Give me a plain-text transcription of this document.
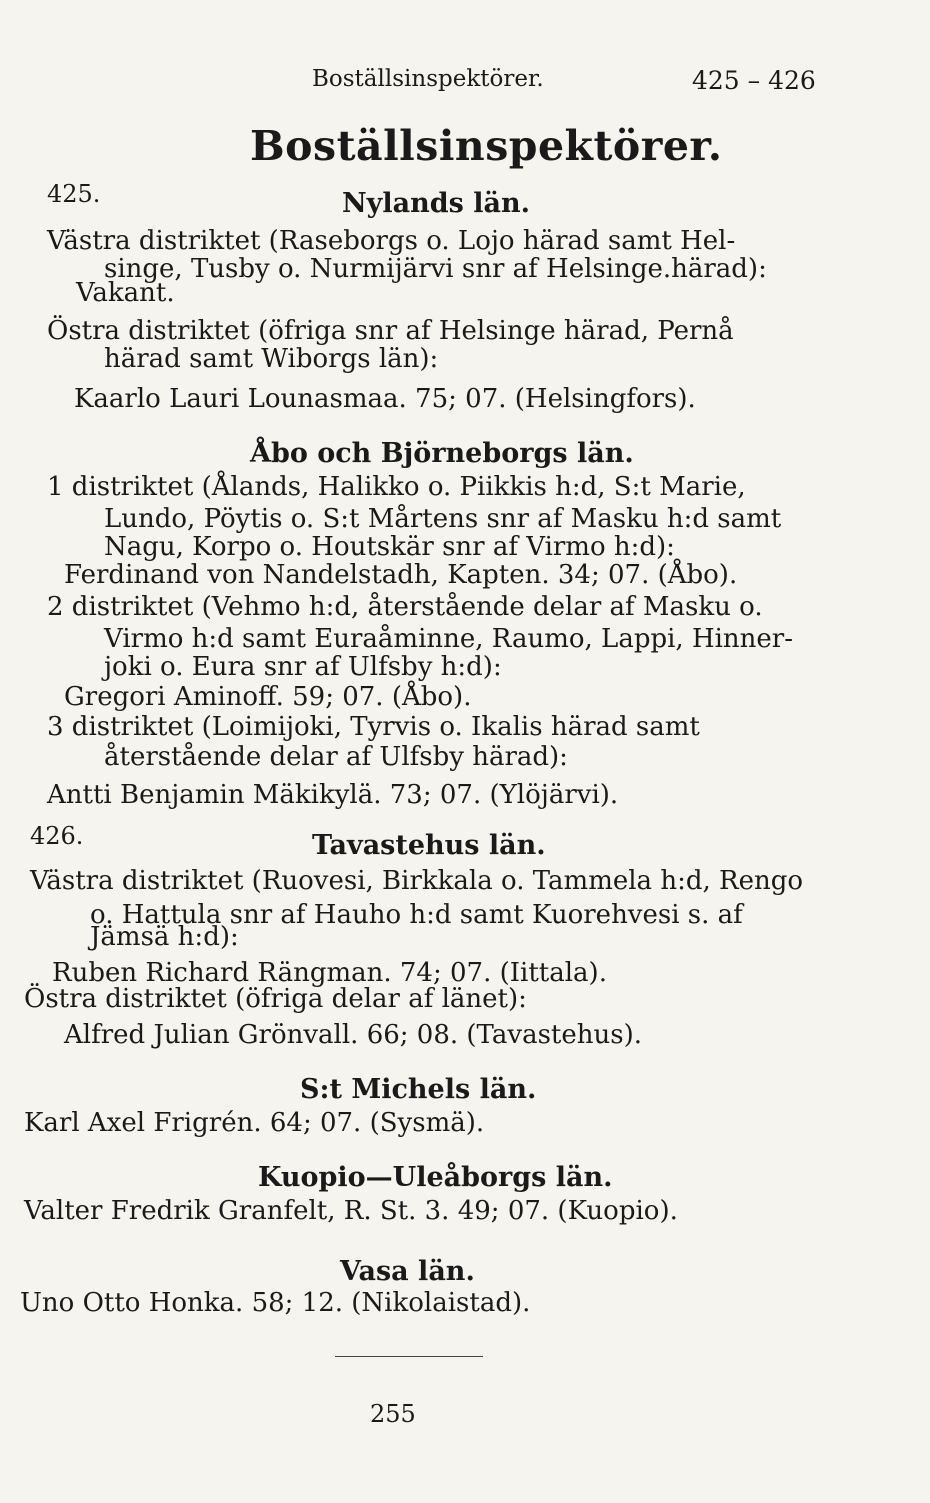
Boställsinspektörer.	425 – 426
Boställsinspektörer.
425.	Nylands län.
Västra distriktet (Raseborgs o. Lojo härad samt Hel-
singe, Tusby o. Nurmijärvi snr af Helsinge.härad):
Vakant.
Östra distriktet (öfriga snr af Helsinge härad, Pernå
härad samt Wiborgs län):
Kaarlo Lauri Lounasmaa. 75; 07. (Helsingfors).
Åbo och Björneborgs län.
1 distriktet (Ålands, Halikko o. Piikkis h:d, S:t Marie,
Lundo, Pöytis o. S:t Mårtens snr af Masku h:d samt
Nagu, Korpo o. Houtskär snr af Virmo h:d):
Ferdinand von Nandelstadh, Kapten. 34; 07. (Åbo).
2 distriktet (Vehmo h:d, återstående delar af Masku o.
Virmo h:d samt Euraåminne, Raumo, Lappi, Hinner-
joki o. Eura snr af Ulfsby h:d):
Gregori Aminoff. 59; 07. (Åbo).
3 distriktet (Loimijoki, Tyrvis o. Ikalis härad samt
återstående delar af Ulfsby härad):
Antti Benjamin Mäkikylä. 73; 07. (Ylöjärvi).
426.	Tavastehus län.
Västra distriktet (Ruovesi, Birkkala o. Tammela h:d, Rengo
o. Hattula snr af Hauho h:d samt Kuorehvesi s. af
Jämsä h:d):
Ruben Richard Rängman. 74; 07. (Iittala).
Östra distriktet (öfriga delar af länet):
Alfred Julian Grönvall. 66; 08. (Tavastehus).
S:t Michels län.
Karl Axel Frigrén. 64; 07. (Sysmä).
Kuopio—Uleåborgs län.
Valter Fredrik Granfelt, R. St. 3. 49; 07. (Kuopio).
Vasa län.
Uno Otto Honka. 58; 12. (Nikolaistad).
255
